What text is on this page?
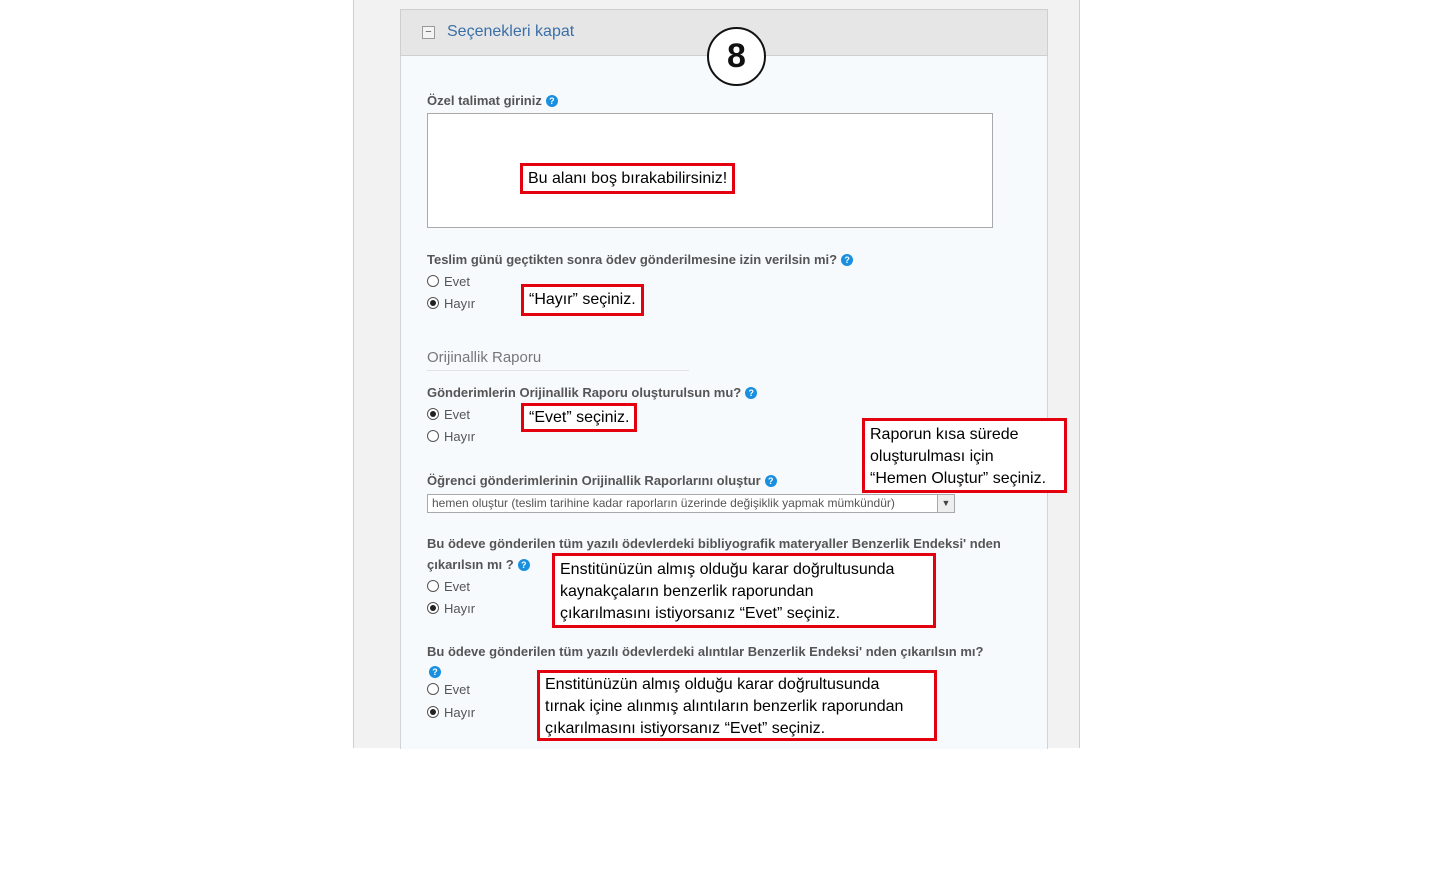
− Seçenekleri kapat
8
Özel talimat giriniz ?
Bu alanı boş bırakabilirsiniz!
Teslim günü geçtikten sonra ödev gönderilmesine izin verilsin mi? ?
Evet
Hayır	“Hayır” seçiniz.
Orijinallik Raporu
Gönderimlerin Orijinallik Raporu oluşturulsun mu? ?
Evet
Hayır
“Evet” seçiniz.
Öğrenci gönderimlerinin Orijinallik Raporlarını oluştur ?
hemen oluştur (teslim tarihine kadar raporların üzerinde değişiklik yapmak mümkündür)	▼
Raporun kısa sürede
oluşturulması için
“Hemen Oluştur” seçiniz.
Bu ödeve gönderilen tüm yazılı ödevlerdeki bibliyografik materyaller Benzerlik Endeksi' nden
çıkarılsın mı ? ?
Evet
Hayır
Enstitünüzün almış olduğu karar doğrultusunda
kaynakçaların benzerlik raporundan
çıkarılmasını istiyorsanız “Evet” seçiniz.
Bu ödeve gönderilen tüm yazılı ödevlerdeki alıntılar Benzerlik Endeksi' nden çıkarılsın mı?
?
Evet
Hayır
Enstitünüzün almış olduğu karar doğrultusunda
tırnak içine alınmış alıntıların benzerlik raporundan
çıkarılmasını istiyorsanız “Evet” seçiniz.
